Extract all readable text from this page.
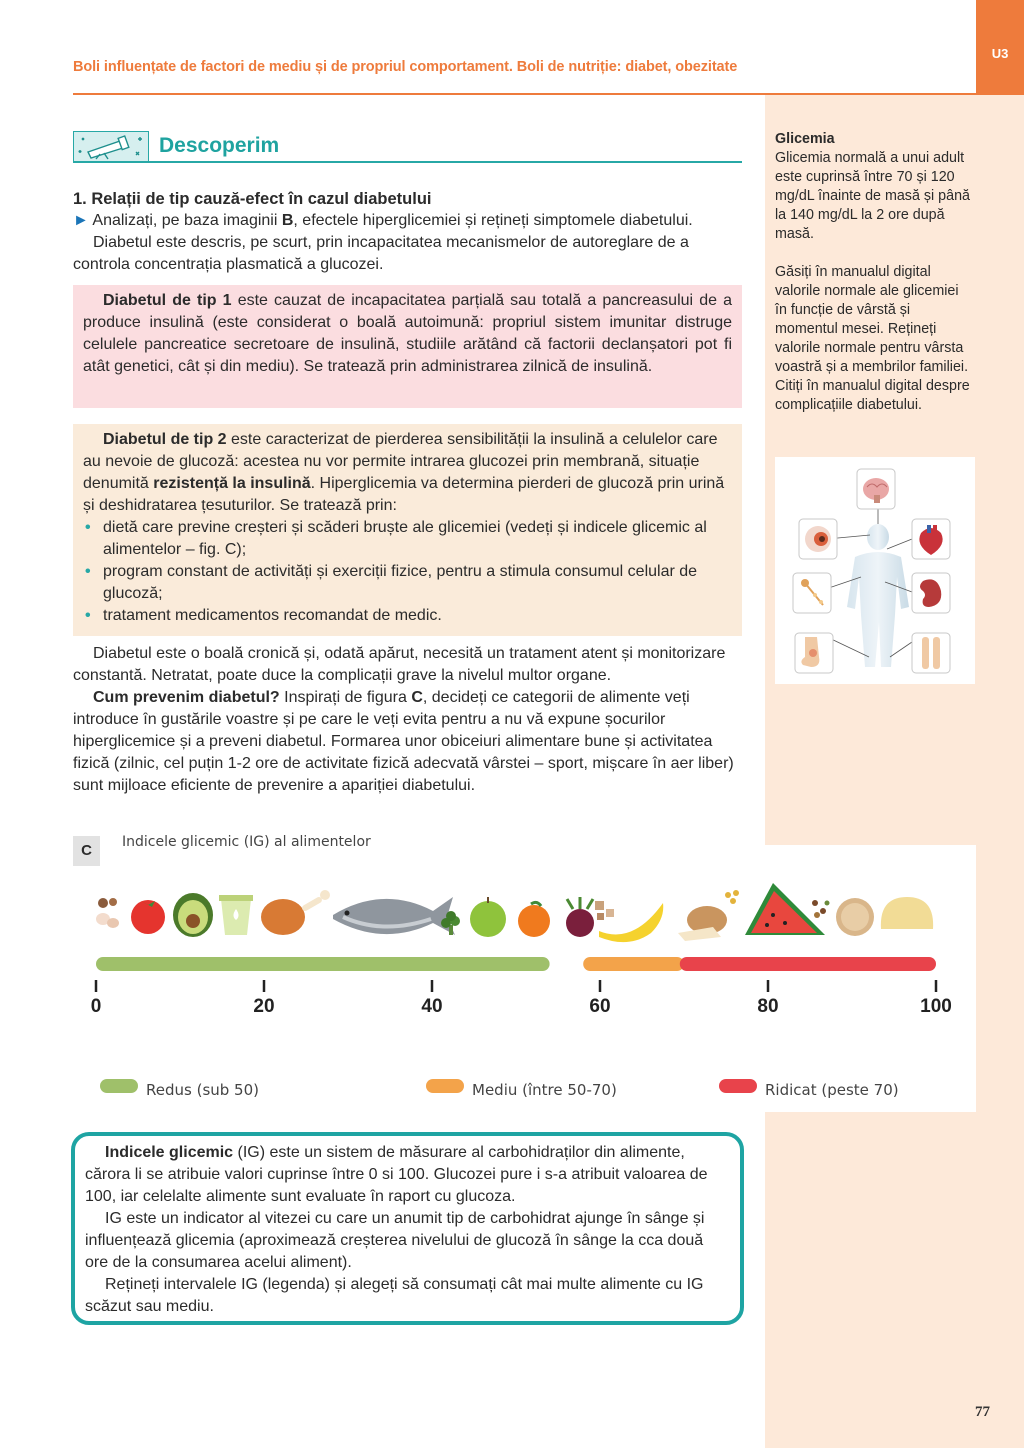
U3
Boli influențate de factori de mediu și de propriul comportament. Boli de nutriție: diabet, obezitate
Descoperim

1. Relații de tip cauză-efect în cazul diabetului

► Analizați, pe baza imaginii B, efectele hiperglicemiei și rețineți simptomele diabetului.

Diabetul este descris, pe scurt, prin incapacitatea mecanismelor de autoreglare de a controla concentrația plasmatică a glucozei.

Diabetul de tip 1 este cauzat de incapacitatea parțială sau totală a pancreasului de a produce insulină (este considerat o boală autoimună: propriul sistem imunitar distruge celulele pancreatice secretoare de insulină, studiile arătând că factorii declanșatori pot fi atât genetici, cât și din mediu). Se tratează prin administrarea zilnică de insulină.

Diabetul de tip 2 este caracterizat de pierderea sensibilității la insulină a celulelor care au nevoie de glucoză: acestea nu vor permite intrarea glucozei prin membrană, situație denumită rezistență la insulină. Hiperglicemia va determina pierderi de glucoză prin urină și deshidratarea țesuturilor. Se tratează prin:

• dietă care previne creșteri și scăderi bruște ale glicemiei (vedeți și indicele glicemic al alimentelor – fig. C);
• program constant de activități și exerciții fizice, pentru a stimula consumul celular de glucoză;
• tratament medicamentos recomandat de medic.

Diabetul este o boală cronică și, odată apărut, necesită un tratament atent și monitorizare constantă. Netratat, poate duce la complicații grave la nivelul multor organe.

Cum prevenim diabetul? Inspirați de figura C, decideți ce categorii de alimente veți introduce în gustările voastre și pe care le veți evita pentru a nu vă expune șocurilor hiperglicemice și a preveni diabetul. Formarea unor obiceiuri alimentare bune și activitatea fizică (zilnic, cel puțin 1-2 ore de activitate fizică adecvată vârstei – sport, mișcare în aer liber) sunt mijloace eficiente de prevenire a apariției diabetului.

Glicemia

Glicemia normală a unui adult este cuprinsă între 70 și 120 mg/dL înainte de masă și până la 140 mg/dL la 2 ore după masă.

Găsiți în manualul digital valorile normale ale glicemiei în funcție de vârstă și momentul mesei. Rețineți valorile normale pentru vârsta voastră și a membrilor familiei.

Citiți în manualul digital despre complicațiile diabetului.

0	20	40	60	80	100
Redus (sub 50)	Mediu (între 50-70)	Ridicat (peste 70)
C	Indicele glicemic (IG) al alimentelor

Indicele glicemic (IG) este un sistem de măsurare al carbohidraților din alimente, cărora li se atribuie valori cuprinse între 0 si 100. Glucozei pure i s-a atribuit valoarea de 100, iar celelalte alimente sunt evaluate în raport cu glucoza.

IG este un indicator al vitezei cu care un anumit tip de carbohidrat ajunge în sânge și influențează glicemia (aproximează creșterea nivelului de glucoză în sânge la cca două ore de la consumarea acelui aliment).

Rețineți intervalele IG (legenda) și alegeți să consumați cât mai multe alimente cu IG scăzut sau mediu.

77
